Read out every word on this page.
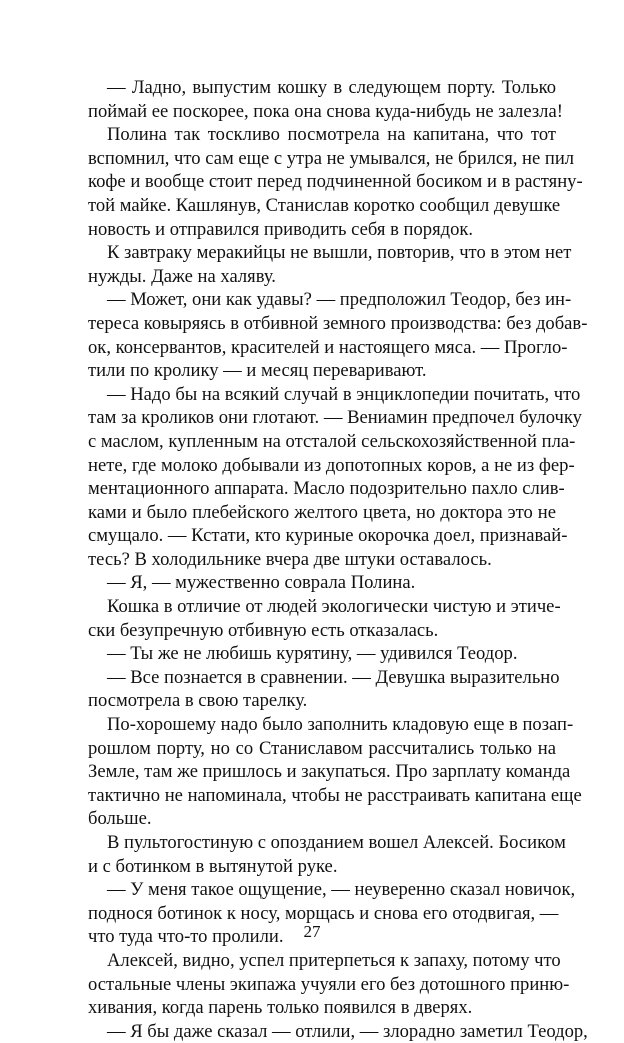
— Ладно, выпустим кошку в следующем порту. Только
поймай ее поскорее, пока она снова куда-нибудь не залезла!
Полина так тоскливо посмотрела на капитана, что тот
вспомнил, что сам еще с утра не умывался, не брился, не пил
кофе и вообще стоит перед подчиненной босиком и в растяну-
той майке. Кашлянув, Станислав коротко сообщил девушке
новость и отправился приводить себя в порядок.
К завтраку меракийцы не вышли, повторив, что в этом нет
нужды. Даже на халяву.
— Может, они как удавы? — предположил Теодор, без ин-
тереса ковыряясь в отбивной земного производства: без добав-
ок, консервантов, красителей и настоящего мяса. — Прогло-
тили по кролику — и месяц переваривают.
— Надо бы на всякий случай в энциклопедии почитать, что
там за кроликов они глотают. — Вениамин предпочел булочку
с маслом, купленным на отсталой сельскохозяйственной пла-
нете, где молоко добывали из допотопных коров, а не из фер-
ментационного аппарата. Масло подозрительно пахло слив-
ками и было плебейского желтого цвета, но доктора это не
смущало. — Кстати, кто куриные окорочка доел, признавай-
тесь? В холодильнике вчера две штуки оставалось.
— Я, — мужественно соврала Полина.
Кошка в отличие от людей экологически чистую и этиче-
ски безупречную отбивную есть отказалась.
— Ты же не любишь курятину, — удивился Теодор.
— Все познается в сравнении. — Девушка выразительно
посмотрела в свою тарелку.
По-хорошему надо было заполнить кладовую еще в позап-
рошлом порту, но со Станиславом рассчитались только на
Земле, там же пришлось и закупаться. Про зарплату команда
тактично не напоминала, чтобы не расстраивать капитана еще
больше.
В пультогостиную с опозданием вошел Алексей. Босиком
и с ботинком в вытянутой руке.
— У меня такое ощущение, — неуверенно сказал новичок,
поднося ботинок к носу, морщась и снова его отодвигая, —
что туда что-то пролили.
Алексей, видно, успел притерпеться к запаху, потому что
остальные члены экипажа учуяли его без дотошного приню-
хивания, когда парень только появился в дверях.
— Я бы даже сказал — отлили, — злорадно заметил Теодор,
27
